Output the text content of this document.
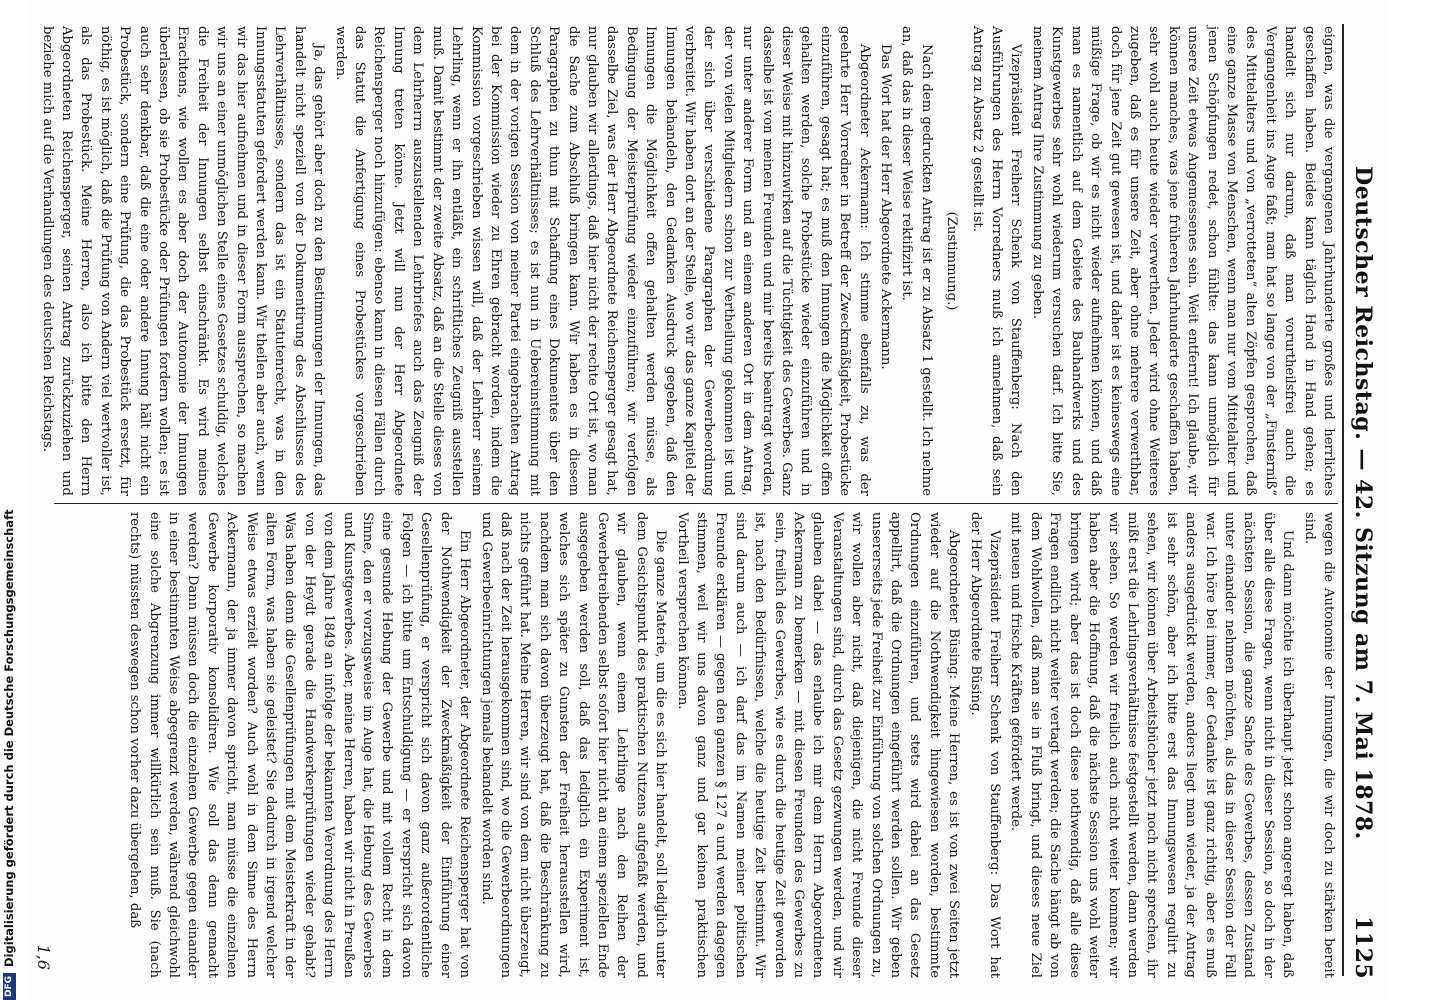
DFG
Digitalisierung gefördert durch die Deutsche Forschungsgemeinschaft	Deutscher Reichstag. — 42. Sitzung am 7. Mai 1878.
1125

eignen, was die vergangenen Jahrhunderte großes und herrliches geschaffen haben. Beides kann täglich Hand in Hand gehen; es handelt sich nur darum, daß man vorurtheilsfrei auch die Vergangenheit ins Auge faßt; man hat so lange von der „Finsterniß“ des Mittelalters und von „verrotteten“ alten Zöpfen gesprochen, daß eine ganze Masse von Menschen, wenn man nur vom Mittelalter und jenen Schöpfungen redet, schon fühlte: das kann unmöglich für unsere Zeit etwas Angemessenes sein. Weit entfernt! Ich glaube, wir können manches, was jene früheren Jahrhunderte geschaffen haben, sehr wohl auch heute wieder verwerthen. Jeder wird ohne Weiteres zugeben, daß es für unsere Zeit, aber ohne mehrere verwerthbar, doch für jene Zeit gut gewesen ist, und daher ist es keineswegs eine müßige Frage, ob wir es nicht wieder aufnehmen können, und daß man es namentlich auf dem Gebiete des Bauhandwerks und des Kunstgewerbes sehr wohl wiederum versuchen darf. Ich bitte Sie, meinem Antrag Ihre Zustimmung zu geben.

Vizepräsident Freiherr Schenk von Stauffenberg: Nach den Ausführungen des Herrn Vorredners muß ich annehmen, daß sein Antrag zu Absatz 2 gestellt ist.

(Zustimmung.)

Nach dem gedruckten Antrag ist er zu Absatz 1 gestellt. Ich nehme an, daß das in dieser Weise rektifizirt ist.

Das Wort hat der Herr Abgeordnete Ackermann.

Abgeordneter Ackermann: Ich stimme ebenfalls zu, was der geehrte Herr Vorredner in Betreff der Zweckmäßigkeit, Probestücke einzuführen, gesagt hat; es muß den Innungen die Möglichkeit offen gehalten werden, solche Probestücke wieder einzuführen und in dieser Weise mit hinzuwirken auf die Tüchtigkeit des Gewerbes. Ganz dasselbe ist von meinen Freunden und mir bereits beantragt worden, nur unter anderer Form und an einem anderen Ort in dem Antrag, der von vielen Mitgliedern schon zur Vertheilung gekommen ist und der sich über verschiedene Paragraphen der Gewerbeordnung verbreitet. Wir haben dort an der Stelle, wo wir das ganze Kapitel der Innungen behandeln, den Gedanken Ausdruck gegeben, daß den Innungen die Möglichkeit offen gehalten werden müsse, als Bedingung der Meisterprüfung wieder einzuführen; wir verfolgen dasselbe Ziel, was der Herr Abgeordnete Reichensperger gesagt hat, nur glauben wir allerdings, daß hier nicht der rechte Ort ist, wo man die Sache zum Abschluß bringen kann. Wir haben es in diesem Paragraphen zu thun mit Schaffung eines Dokumentes über den Schluß des Lehrverhältnisses; es ist nun in Uebereinstimmung mit dem in der vorigen Session von meiner Partei eingebrachten Antrag bei der Kommission wieder zu Ehren gebracht worden, indem die Kommission vorgeschrieben wissen will, daß der Lehrherr seinem Lehrling, wenn er ihn entläßt, ein schriftliches Zeugniß ausstellen muß. Damit bestimmt der zweite Absatz, daß an die Stelle dieses von dem Lehrherrn auszustellenden Lehrbriefes auch das Zeugniß der Innung treten könne. Jetzt will nun der Herr Abgeordnete Reichensperger noch hinzufügen: ebenso kann in diesen Fällen durch das Statut die Anfertigung eines Probestückes vorgeschrieben werden.

Ja, das gehört aber doch zu den Bestimmungen der Innungen, das handelt nicht speziell von der Dokumentirung des Abschlusses des Lehrverhältnisses, sondern das ist ein Statutenrecht, was in den Innungsstatuten gefordert werden kann. Wir theilen aber auch, wenn wir das hier aufnehmen und in dieser Form aussprechen, so machen wir uns an einer unmöglichen Stelle eines Gesetzes schuldig, welches die Freiheit der Innungen selbst einschränkt. Es wird meines Erachtens, wie wollen es aber doch der Autonomie der Innungen überlassen, ob sie Probestücke oder Prüfungen fordern wollen; es ist auch sehr denkbar, daß die eine oder andere Innung hält nicht ein Probestück, sondern eine Prüfung, die das Probestück ersetzt, für nöthig, es ist möglich, daß die Prüfung von Andern viel wertvoller ist, als das Probestück. Meine Herren, also ich bitte den Herrn Abgeordneten Reichensperger, seinen Antrag zurückzuziehen und beziehe mich auf die Verhandlungen des deutschen Reichstags.

wegen die Autonomie der Innungen, die wir doch zu stärken bereit sind.

Und dann möchte ich überhaupt jetzt schon angeregt haben, daß über alle diese Fragen, wenn nicht in dieser Session, so doch in der nächsten Session, die ganze Sache des Gewerbes, dessen Zustand unter einander nehmen möchten, als das in dieser Session der Fall war. Ich höre bei immer, der Gedanke ist ganz richtig, aber es muß anders ausgedrückt werden, anders liegt man wieder, ja der Antrag ist sehr schön, aber ich bitte erst das Innungswesen regulirt zu sehen, wir können über Arbeitsbücher jetzt noch nicht sprechen, ihr mißt erst die Lehrlingsverhältnisse festgestellt werden, dann werden wir sehen. So werden wir freilich auch nicht weiter kommen; wir haben aber die Hoffnung, daß die nächste Session uns wohl weiter bringen wird; aber das ist doch diese nothwendig, daß alle diese Fragen endlich nicht weiter vertagt werden; die Sache hängt ab von dem Wohlwollen, daß man sie in Fluß bringt, und dieses neue Ziel mit neuen und frische Kräften gefördert werde.

Vizepräsident Freiherr Schenk von Stauffenberg: Das Wort hat der Herr Abgeordnete Büsing.

Abgeordneter Büsing: Meine Herren, es ist von zwei Seiten jetzt wieder auf die Nothwendigkeit hingewiesen worden, bestimmte Ordnungen einzuführen, und stets wird dabei an das Gesetz appellirt, daß die Ordnungen eingeführt werden sollen. Wir geben unsererseits jede Freiheit zur Einführung von solchen Ordnungen zu, wir wollen aber nicht, daß diejenigen, die nicht Freunde dieser Veranstaltungen sind, durch das Gesetz gezwungen werden, und wir glauben dabei — das erlaube ich mir dem Herrn Abgeordneten Ackermann zu bemerken — mit diesen Freunden des Gewerbes zu sein, freilich des Gewerbes, wie es durch die heutige Zeit geworden ist, nach den Bedürfnissen, welche die heutige Zeit bestimmt. Wir sind darum auch — ich darf das im Namen meiner politischen Freunde erklären — gegen den ganzen § 127 a und werden dagegen stimmen, weil wir uns davon ganz und gar keinen praktischen Vortheil versprechen können.

Die ganze Materie, um die es sich hier handelt, soll lediglich unter dem Gesichtspunkt des praktischen Nutzens aufgefaßt werden, und wir glauben, wenn einem Lehrlinge nach den Reihen der Gewerbetreibenden selbst sofort hier nicht an einem speziellen Ende ausgegeben werden soll, daß das lediglich ein Experiment ist, welches sich später zu Gunsten der Freiheit herausstellen wird, nachdem man sich davon überzeugt hat, daß die Beschränkung zu nichts geführt hat. Meine Herren, wir sind von dem nicht überzeugt, daß nach der Zeit herausgekommen sind, wo die Gewerbeordnungen und Gewerbeeinrichtungen jemals behandelt worden sind.

Ein Herr Abgeordneter, der Abgeordnete Reichensperger hat von der Nothwendigkeit der Zweckmäßigkeit der Einführung einer Gesellenprüfung, er verspricht sich davon ganz außerordentliche Folgen — ich bitte um Entschuldigung — er verspricht sich davon eine gesunde Hebung der Gewerbe und mit vollem Recht in dem Sinne, den er vorzugsweise im Auge hat, die Hebung des Gewerbes und Kunstgewerbes. Aber, meine Herren, haben wir nicht in Preußen von dem Jahre 1849 an infolge der bekannten Verordnung des Herrn von der Heydt gerade die Handwerkerprüfungen wieder gehabt? Was haben denn die Gesellenprüfungen mit dem Meisterkraft in der alten Form, was haben sie geleistet? Sie dadurch in irgend welcher Weise etwas erzielt worden? Auch wohl in dem Sinne des Herrn Ackermann, der ja immer davon spricht, man müsse die einzelnen Gewerbe korporativ konsolidiren. Wie soll das denn gemacht werden? Dann müssen doch die einzelnen Gewerbe gegen einander in einer bestimmten Weise abgegrenzt werden, während gleichwohl eine solche Abgrenzung immer willkürlich sein muß. Sie (nach rechts) müssten deswegen schon vorher dazu übergehen, daß

1,6
